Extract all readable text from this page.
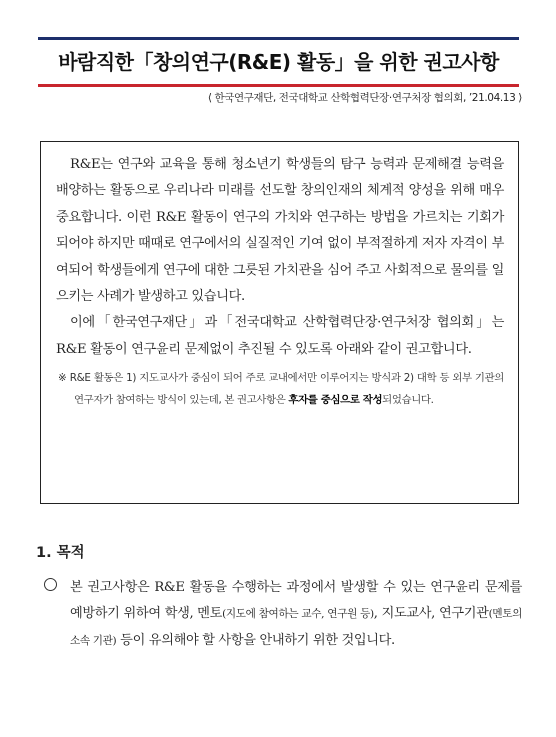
바람직한「창의연구(R&E) 활동」을 위한 권고사항
⟨ 한국연구재단, 전국대학교 산학협력단장·연구처장 협의회, ’21.04.13 ⟩

R&E는 연구와 교육을 통해 청소년기 학생들의 탐구 능력과 문제해결 능력을 배양하는 활동으로 우리나라 미래를 선도할 창의인재의 체계적 양성을 위해 매우 중요합니다. 이런 R&E 활동이 연구의 가치와 연구하는 방법을 가르치는 기회가 되어야 하지만 때때로 연구에서의 실질적인 기여 없이 부적절하게 저자 자격이 부여되어 학생들에게 연구에 대한 그릇된 가치관을 심어 주고 사회적으로 물의를 일으키는 사례가 발생하고 있습니다.

이에「한국연구재단」과「전국대학교 산학협력단장·연구처장 협의회」는 R&E 활동이 연구윤리 문제없이 추진될 수 있도록 아래와 같이 권고합니다.

※ R&E 활동은 1) 지도교사가 중심이 되어 주로 교내에서만 이루어지는 방식과 2) 대학 등 외부 기관의 연구자가 참여하는 방식이 있는데, 본 권고사항은 후자를 중심으로 작성되었습니다.
1. 목적

본 권고사항은 R&E 활동을 수행하는 과정에서 발생할 수 있는 연구윤리 문제를 예방하기 위하여 학생, 멘토(지도에 참여하는 교수, 연구원 등), 지도교사, 연구기관(멘토의 소속 기관) 등이 유의해야 할 사항을 안내하기 위한 것입니다.
